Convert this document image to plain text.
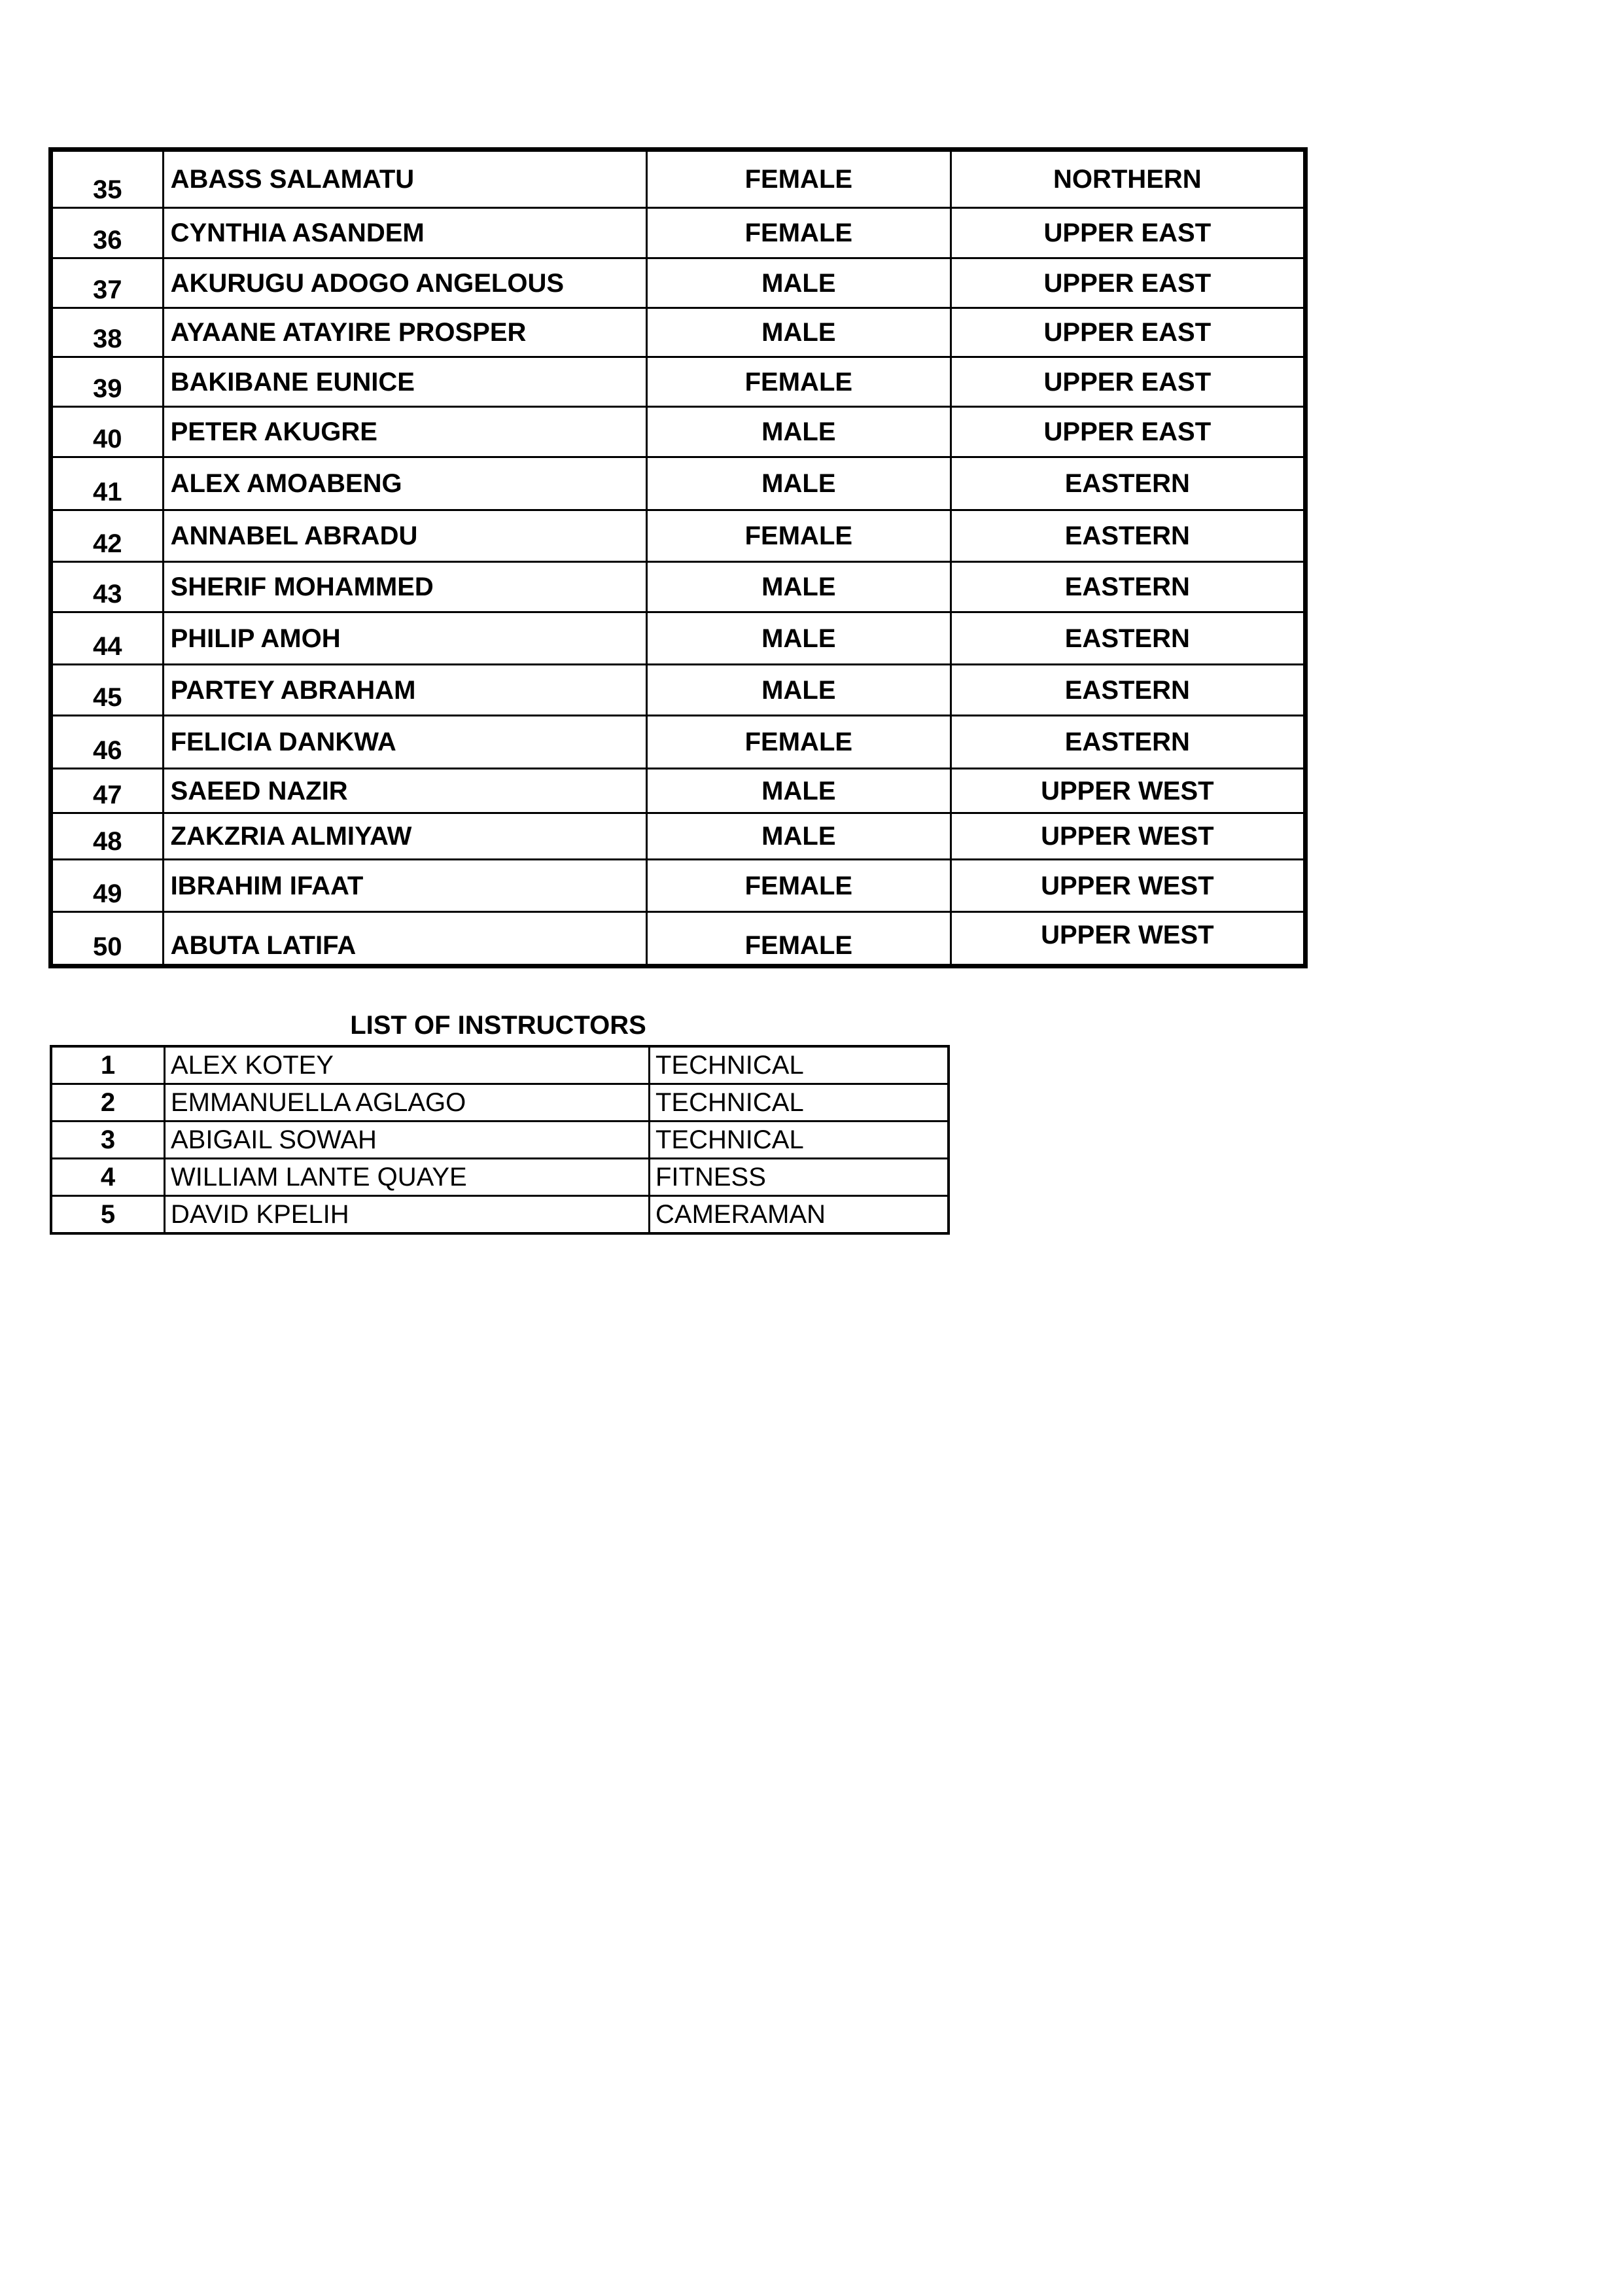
35	ABASS SALAMATU	FEMALE	NORTHERN
36	CYNTHIA ASANDEM	FEMALE	UPPER EAST
37	AKURUGU ADOGO ANGELOUS	MALE	UPPER EAST
38	AYAANE ATAYIRE PROSPER	MALE	UPPER EAST
39	BAKIBANE EUNICE	FEMALE	UPPER EAST
40	PETER AKUGRE	MALE	UPPER EAST
41	ALEX AMOABENG	MALE	EASTERN
42	ANNABEL ABRADU	FEMALE	EASTERN
43	SHERIF MOHAMMED	MALE	EASTERN
44	PHILIP AMOH	MALE	EASTERN
45	PARTEY ABRAHAM	MALE	EASTERN
46	FELICIA DANKWA	FEMALE	EASTERN
47	SAEED NAZIR	MALE	UPPER WEST
48	ZAKZRIA ALMIYAW	MALE	UPPER WEST
49	IBRAHIM IFAAT	FEMALE	UPPER WEST
50	ABUTA LATIFA	FEMALE	UPPER WEST
LIST OF INSTRUCTORS
1	ALEX KOTEY	TECHNICAL
2	EMMANUELLA AGLAGO	TECHNICAL
3	ABIGAIL SOWAH	TECHNICAL
4	WILLIAM LANTE QUAYE	FITNESS
5	DAVID KPELIH	CAMERAMAN
